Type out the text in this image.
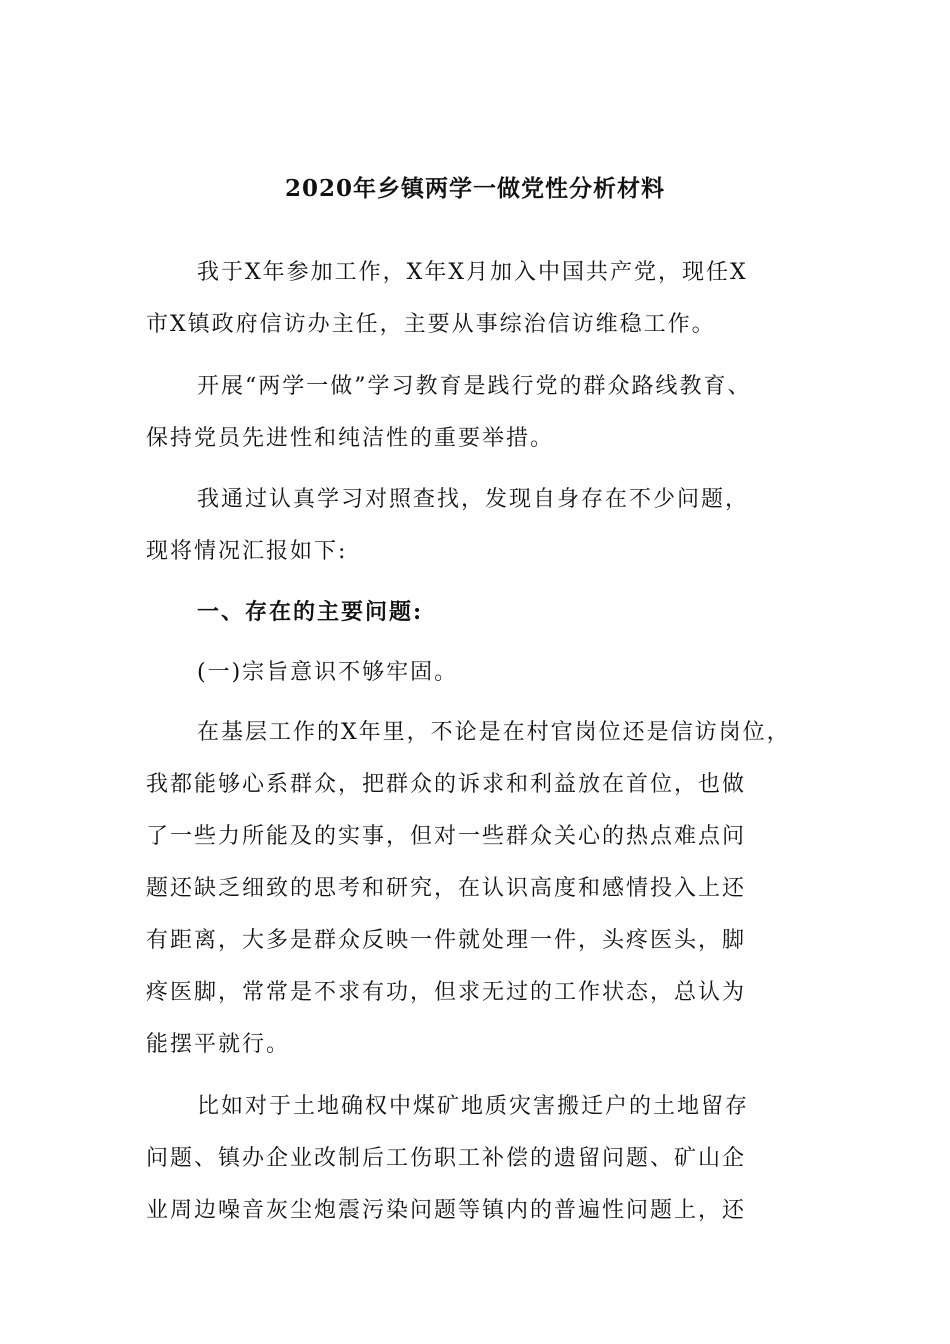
2020年乡镇两学一做党性分析材料
我于X年参加工作，X年X月加入中国共产党，现任X
市X镇政府信访办主任，主要从事综治信访维稳工作。
开展“两学一做”学习教育是践行党的群众路线教育、
保持党员先进性和纯洁性的重要举措。
我通过认真学习对照查找，发现自身存在不少问题，
现将情况汇报如下:
一、存在的主要问题:
(一)宗旨意识不够牢固。
在基层工作的X年里，不论是在村官岗位还是信访岗位，
我都能够心系群众，把群众的诉求和利益放在首位，也做
了一些力所能及的实事，但对一些群众关心的热点难点问
题还缺乏细致的思考和研究，在认识高度和感情投入上还
有距离，大多是群众反映一件就处理一件，头疼医头，脚
疼医脚，常常是不求有功，但求无过的工作状态，总认为
能摆平就行。
比如对于土地确权中煤矿地质灾害搬迁户的土地留存
问题、镇办企业改制后工伤职工补偿的遗留问题、矿山企
业周边噪音灰尘炮震污染问题等镇内的普遍性问题上，还
